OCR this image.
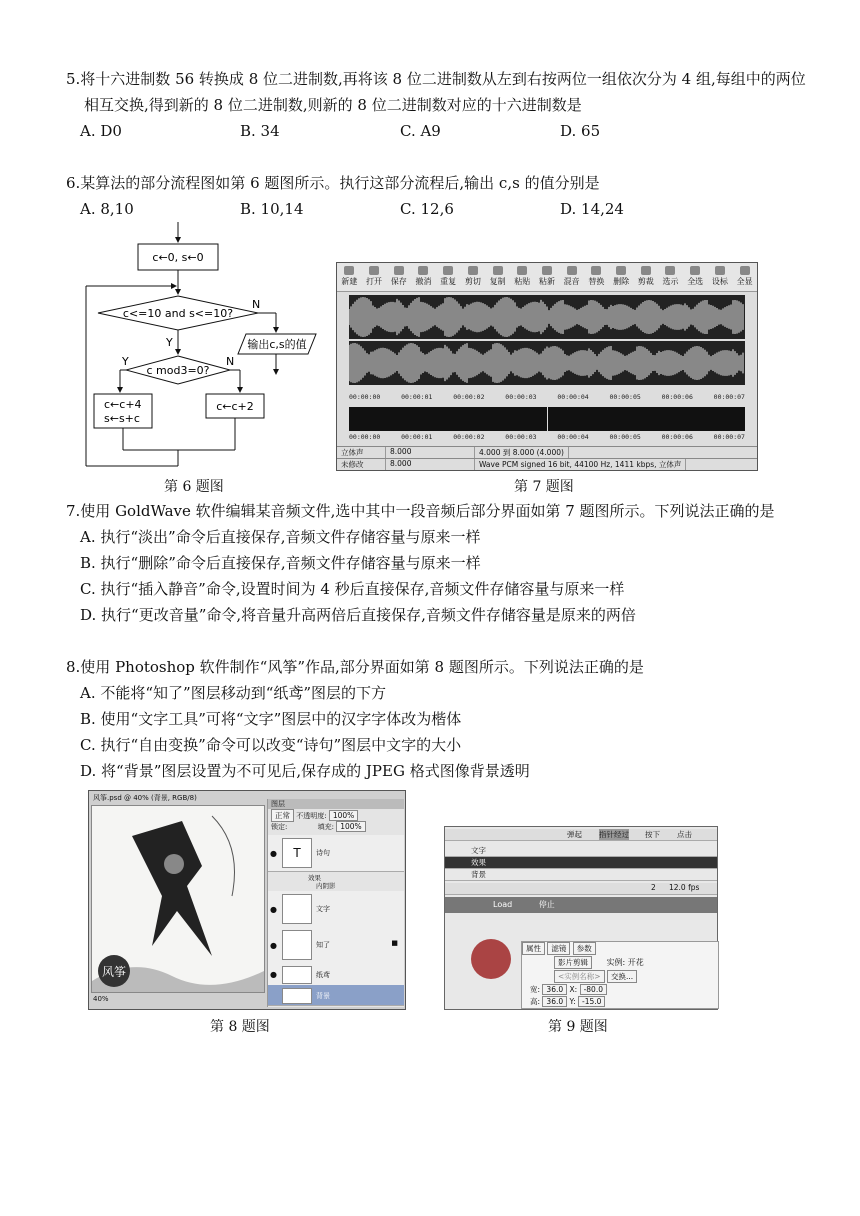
5.将十六进制数 56 转换成 8 位二进制数,再将该 8 位二进制数从左到右按两位一组依次分为 4 组,每组中的两位相互交换,得到新的 8 位二进制数,则新的 8 位二进制数对应的十六进制数是
A. D0	B. 34	C. A9	D. 65
6.某算法的部分流程图如第 6 题图所示。执行这部分流程后,输出 c,s 的值分别是
A. 8,10	B. 10,14	C. 12,6	D. 14,24
c←0, s←0
c<=10 and s<=10?
N
输出c,s的值
Y
c mod3=0?
Y	N
c←c+4
s←s+c
c←c+2
第 6 题图
新建	打开	保存	撤消	重复	剪切	复制	粘贴	粘新	混音	替换	删除	剪裁	选示	全选	设标	全显
00:00:00	00:00:01	00:00:02	00:00:03	00:00:04	00:00:05	00:00:06	00:00:07
00:00:00	00:00:01	00:00:02	00:00:03	00:00:04	00:00:05	00:00:06	00:00:07
立体声	8.000	4.000 到 8.000 (4.000)
未修改	8.000	Wave PCM signed 16 bit, 44100 Hz, 1411 kbps, 立体声
第 7 题图
7.使用 GoldWave 软件编辑某音频文件,选中其中一段音频后部分界面如第 7 题图所示。下列说法正确的是
A. 执行“淡出”命令后直接保存,音频文件存储容量与原来一样
B. 执行“删除”命令后直接保存,音频文件存储容量与原来一样
C. 执行“插入静音”命令,设置时间为 4 秒后直接保存,音频文件存储容量与原来一样
D. 执行“更改音量”命令,将音量升高两倍后直接保存,音频文件存储容量是原来的两倍
8.使用 Photoshop 软件制作“风筝”作品,部分界面如第 8 题图所示。下列说法正确的是
A. 不能将“知了”图层移动到“纸鸢”图层的下方
B. 使用“文字工具”可将“文字”图层中的汉字字体改为楷体
C. 执行“自由变换”命令可以改变“诗句”图层中文字的大小
D. 将“背景”图层设置为不可见后,保存成的 JPEG 格式图像背景透明
风筝.psd @ 40% (背景, RGB/8)
风筝
40%
图层
正常 不透明度: 100%
锁定:	填充: 100%
●	T	诗句
效果
内阴影
●	文字
●	知了	■
●	纸鸢
背景
第 8 题图
弹起 指针经过 按下 点击
文字
效果
背景
2 12.0 fps
Load	停止
属性 滤镜 参数
影片剪辑 实例: 开花
<实例名称> 交换...
宽: 36.0 X: -80.0
高: 36.0 Y: -15.0
第 9 题图
